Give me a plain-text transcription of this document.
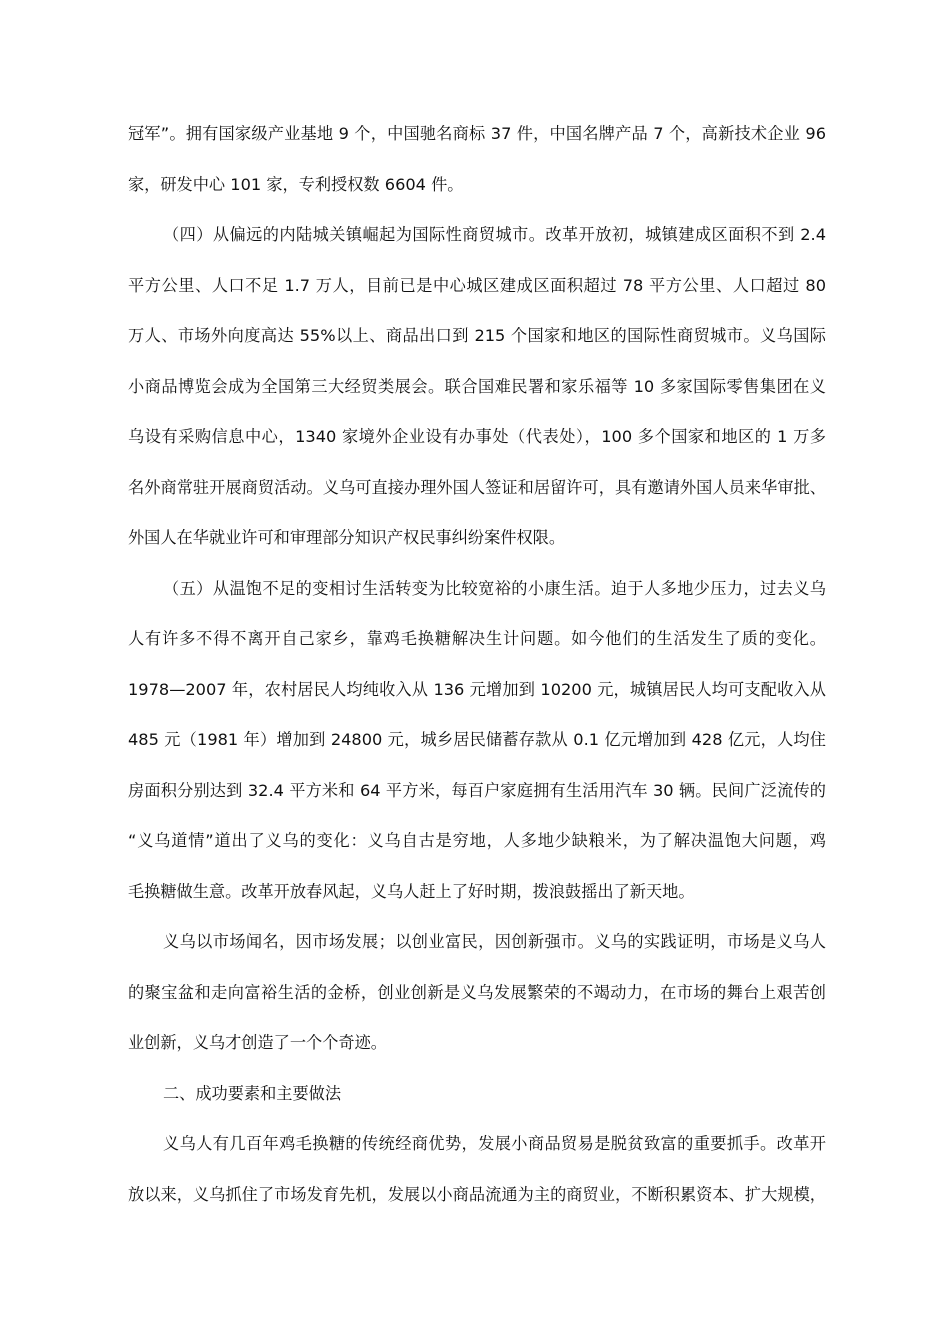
冠军”。拥有国家级产业基地 9 个，中国驰名商标 37 件，中国名牌产品 7 个，高新技术企业 96
家，研发中心 101 家，专利授权数 6604 件。
（四）从偏远的内陆城关镇崛起为国际性商贸城市。改革开放初，城镇建成区面积不到 2.4
平方公里、人口不足 1.7 万人，目前已是中心城区建成区面积超过 78 平方公里、人口超过 80
万人、市场外向度高达 55%以上、商品出口到 215 个国家和地区的国际性商贸城市。义乌国际
小商品博览会成为全国第三大经贸类展会。联合国难民署和家乐福等 10 多家国际零售集团在义
乌设有采购信息中心，1340 家境外企业设有办事处（代表处），100 多个国家和地区的 1 万多
名外商常驻开展商贸活动。义乌可直接办理外国人签证和居留许可，具有邀请外国人员来华审批、
外国人在华就业许可和审理部分知识产权民事纠纷案件权限。
（五）从温饱不足的变相讨生活转变为比较宽裕的小康生活。迫于人多地少压力，过去义乌
人有许多不得不离开自己家乡，靠鸡毛换糖解决生计问题。如今他们的生活发生了质的变化。
1978—2007 年，农村居民人均纯收入从 136 元增加到 10200 元，城镇居民人均可支配收入从
485 元（1981 年）增加到 24800 元，城乡居民储蓄存款从 0.1 亿元增加到 428 亿元，人均住
房面积分别达到 32.4 平方米和 64 平方米，每百户家庭拥有生活用汽车 30 辆。民间广泛流传的
“义乌道情”道出了义乌的变化：义乌自古是穷地，人多地少缺粮米，为了解决温饱大问题，鸡
毛换糖做生意。改革开放春风起，义乌人赶上了好时期，拨浪鼓摇出了新天地。
义乌以市场闻名，因市场发展；以创业富民，因创新强市。义乌的实践证明，市场是义乌人
的聚宝盆和走向富裕生活的金桥，创业创新是义乌发展繁荣的不竭动力，在市场的舞台上艰苦创
业创新，义乌才创造了一个个奇迹。
二、成功要素和主要做法
义乌人有几百年鸡毛换糖的传统经商优势，发展小商品贸易是脱贫致富的重要抓手。改革开
放以来，义乌抓住了市场发育先机，发展以小商品流通为主的商贸业，不断积累资本、扩大规模，
